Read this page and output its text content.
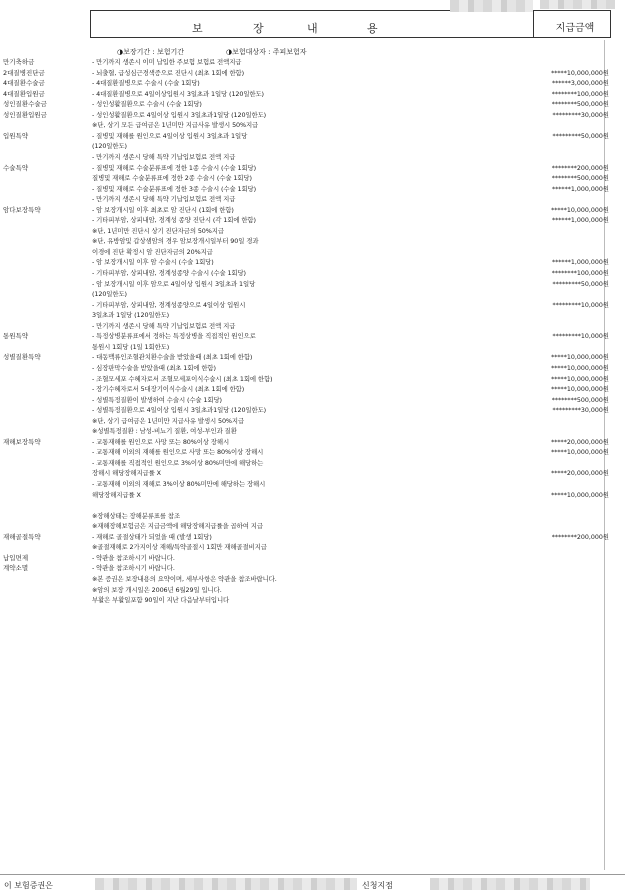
보	장	내	용	지급금액
◑보장기간 : 보험기간	◑보험대상자 : 주피보험자
만기축하금	- 만기까지 생존시 이미 납입한 주보험 보험료 전액지급
2대질병진단금	- 뇌출혈, 급성심근경색증으로 진단시 (최초 1회에 한함)	*****10,000,000원
4대질환수술금	- 4대질환질병으로 수술시 (수술 1회당)	******3,000,000원
4대질환입원금	- 4대질환질병으로 4일이상입원시 3일초과 1일당 (120일한도)	********100,000원
성인질환수술금	- 성인성활질환으로 수술시 (수술 1회당)	********500,000원
성인질환입원금	- 성인성활질환으로 4일이상 입원시 3일초과1일당 (120일한도)	*********30,000원
※단, 상기 모든 급여금은 1년미만 지급사유 발생시 50%지급
입원특약	- 질병및 재해를 원인으로 4일이상 입원시 3일초과 1일당	*********50,000원
(120일한도)
- 만기까지 생존시 당해 특약 기납입보험료 전액 지급
수술특약	- 질병및 재해로 수술분류표에 정한 1종 수술시 (수술 1회당)	********200,000원
질병및 재해로 수술분류표에 정한 2종 수술시 (수술 1회당)	********500,000원
- 질병및 재해로 수술분류표에 정한 3종 수술시 (수술 1회당)	******1,000,000원
- 만기까지 생존시 당해 특약 기납입보험료 전액 지급
암다보장특약	- 암 보장개시일 이후 최초로 암 진단시 (1회에 한함)	*****10,000,000원
- 기타피부암, 상피내암, 경계성 종양 진단시 (각 1회에 한함)	******1,000,000원
※단, 1년미만 진단시 상기 진단자금의 50%지급
※단, 유방암및 갑상샘암의 경우 암보장개시일부터 90일 경과
이경에 진단 확정시 암 진단자금의 20%지급
- 암 보장개시일 이후 암 수술시 (수술 1회당)	******1,000,000원
- 기타피부암, 상피내암, 경계성종양 수술시 (수술 1회당)	********100,000원
- 암 보장개시일 이후 암으로 4일이상 입원시 3일초과 1일당	*********50,000원
(120일한도)
- 기타피부암, 상피내암, 경계성종양으로 4일이상 입원시	*********10,000원
3일초과 1일당 (120일한도)
- 만기까지 생존시 당해 특약 기납입보험료 전액 지급
통원특약	- 특정상병분류표에서 정하는 특정상병을 직접적인 원인으로	*********10,000원
통원시 1회당 (1일 1회한도)
성별질환특약	- 대동맥류인조혈관치환수술을 받았을때 (최초 1회에 한함)	*****10,000,000원
- 심장판막수술을 받았을때 (최초 1회에 한함)	*****10,000,000원
- 조혈모세포 수혜자로서 조혈모세포이식수술시 (최초 1회에 한함)	*****10,000,000원
- 장기수혜자로서 5대장기이식수술시 (최초 1회에 한함)	*****10,000,000원
- 성별특정질환이 발생하여 수술시 (수술 1회당)	********500,000원
- 성별특정질환으로 4일이상 입원시 3일초과1일당 (120일한도)	*********30,000원
※단, 상기 급여금은 1년미만 지급사유 발생시 50%지급
※성별특정질환 : 남성-비뇨기 질환, 여성-부인과 질환
재해보장특약	- 교통재해를 원인으로 사망 또는 80%이상 장해시	*****20,000,000원
- 교통재해 이외의 재해를 원인으로 사망 또는 80%이상 장해시	*****10,000,000원
- 교통재해를 직접적인 원인으로 3%이상 80%미만에 해당하는
장해시 해당장해지급률 X	*****20,000,000원
- 교통재해 이외의 재해로 3%이상 80%미만에 해당하는 장해시
해당장해지급률 X	*****10,000,000원
※장해상태는 장해분류표를 참조
※재해장해보험금은 지급금액에 해당장해지급률을 곱하여 지급
재해골절특약	- 재해로 골절상태가 되었을 때 (발생 1회당)	********200,000원
※골절재해로 2가지이상 재해/특약골절시 1회만 재해골절비지급
납입면제	- 약관을 참조하시기 바랍니다.
계약소멸	- 약관을 참조하시기 바랍니다.
※본 증권은 보장내용의 요약이며, 세부사항은 약관을 참조바랍니다.
※암의 보장 개시일은 2006년 6월29일 입니다.
부활은 부활일포함 90일이 지난 다음날부터입니다
이 보험증권은	신청지점
